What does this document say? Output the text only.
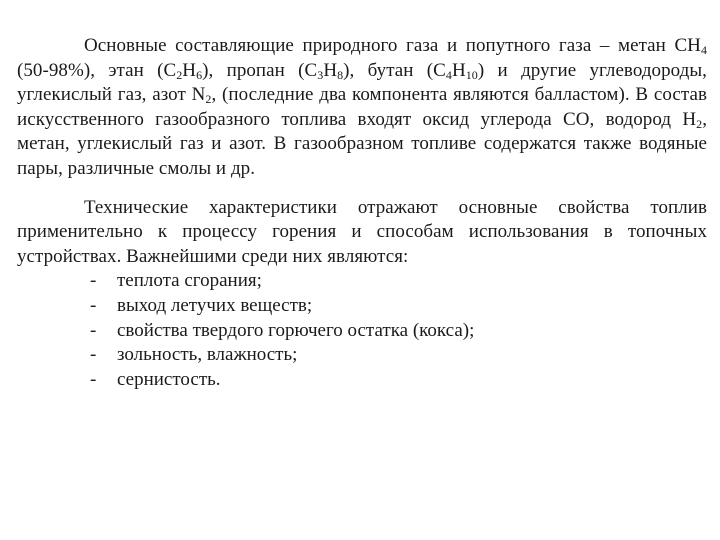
Основные составляющие природного газа и попутного газа – метан $CH_4$ (50-98%), этан $(C_2H_6)$, пропан $(C_3H_8)$, бутан $(C_4H_{10})$ и другие углеводороды, углекислый газ, азот $N_2$, (последние два компонента являются балластом). В состав искусственного газообразного топлива входят оксид углерода CO, водород $H_2$, метан, углекислый газ и азот. В газообразном топливе содержатся также водяные пары, различные смолы и др.

Технические характеристики отражают основные свойства топлив применительно к процессу горения и способам использования в топочных устройствах. Важнейшими среди них являются:

- теплота сгорания;
- выход летучих веществ;
- свойства твердого горючего остатка (кокса);
- зольность, влажность;
- сернистость.
